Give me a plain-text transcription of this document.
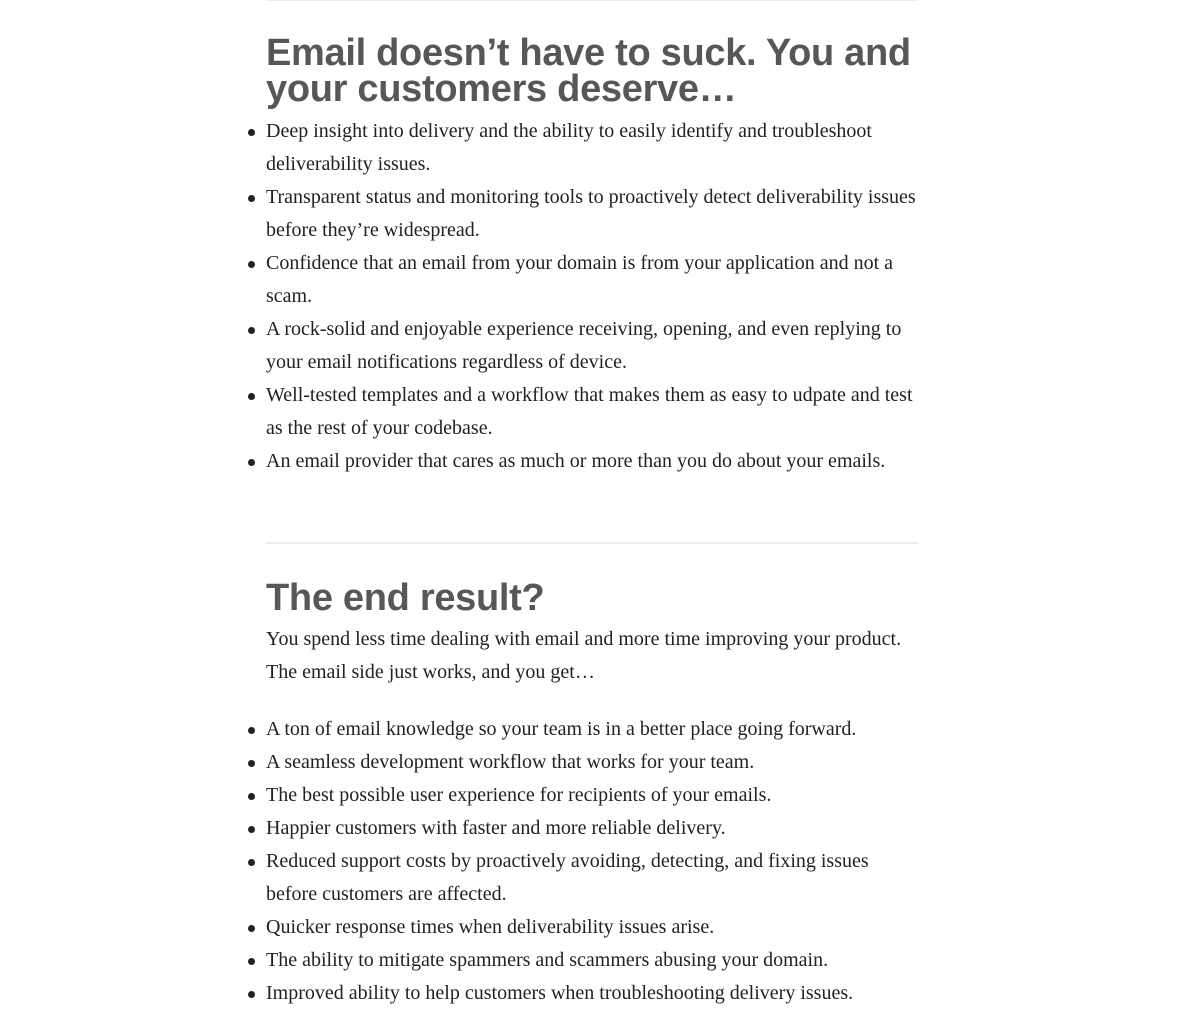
Email doesn’t have to suck. You and your customers deserve…
Deep insight into delivery and the ability to easily identify and troubleshoot deliverability issues.
Transparent status and monitoring tools to proactively detect deliverability issues before they’re widespread.
Confidence that an email from your domain is from your application and not a scam.
A rock-solid and enjoyable experience receiving, opening, and even replying to your email notifications regardless of device.
Well-tested templates and a workflow that makes them as easy to udpate and test as the rest of your codebase.
An email provider that cares as much or more than you do about your emails.
The end result?

You spend less time dealing with email and more time improving your product. The email side just works, and you get…

A ton of email knowledge so your team is in a better place going forward.
A seamless development workflow that works for your team.
The best possible user experience for recipients of your emails.
Happier customers with faster and more reliable delivery.
Reduced support costs by proactively avoiding, detecting, and fixing issues before customers are affected.
Quicker response times when deliverability issues arise.
The ability to mitigate spammers and scammers abusing your domain.
Improved ability to help customers when troubleshooting delivery issues.
